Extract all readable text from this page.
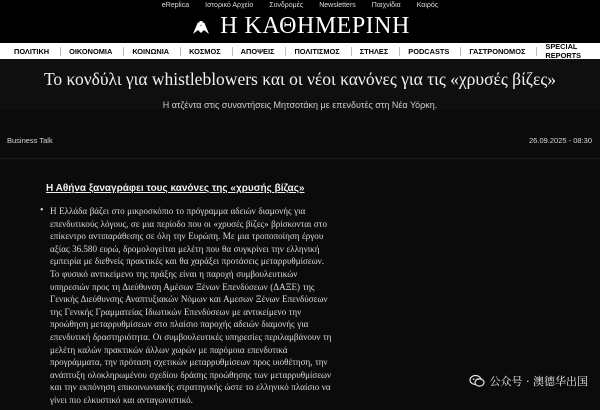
eReplica Ιστορικό Αρχείο Συνδρομές Newsletters Παιχνίδια Καιρός
Η ΚΑΘΗΜΕΡΙΝΗ
ΠΟΛΙΤΙΚΗ	ΟΙΚΟΝΟΜΙΑ	ΚΟΙΝΩΝΙΑ	ΚΟΣΜΟΣ	ΑΠΟΨΕΙΣ	ΠΟΛΙΤΙΣΜΟΣ	ΣΤΗΛΕΣ	PODCASTS	ΓΑΣΤΡΟΝΟΜΟΣ	SPECIAL REPORTS
Το κονδύλι για whistleblowers και οι νέοι κανόνες για τις «χρυσές βίζες»
Η ατζέντα στις συναντήσεις Μητσοτάκη με επενδυτές στη Νέα Υόρκη.
Business Talk	26.09.2025 - 08:30
Η Αθήνα ξαναγράφει τους κανόνες της «χρυσής βίζας»
• Η Ελλάδα βάζει στο μικροσκόπιο το πρόγραμμα αδειών διαμονής για
επενδυτικούς λόγους, σε μια περίοδο που οι «χρυσές βίζες» βρίσκονται στο
επίκεντρο αντιπαράθεσης σε όλη την Ευρώπη. Με μια τροποποίηση έργου
αξίας 36.580 ευρώ, δρομολογείται μελέτη που θα συγκρίνει την ελληνική
εμπειρία με διεθνείς πρακτικές και θα χαράξει προτάσεις μεταρρυθμίσεων.
Το φυσικό αντικείμενο της πράξης είναι η παροχή συμβουλευτικών
υπηρεσιών προς τη Διεύθυνση Αμέσων Ξένων Επενδύσεων (ΔΑΞΕ) της
Γενικής Διεύθυνσης Αναπτυξιακών Νόμων και Αμεσων Ξένων Επενδύσεων
της Γενικής Γραμματείας Ιδιωτικών Επενδύσεων με αντικείμενο την
προώθηση μεταρρυθμίσεων στο πλαίσιο παροχής αδειών διαμονής για
επενδυτική δραστηριότητα. Οι συμβουλευτικές υπηρεσίες περιλαμβάνουν τη
μελέτη καλών πρακτικών άλλων χωρών με παρόμοια επενδυτικά
προγράμματα, την πρόταση σχετικών μεταρρυθμίσεων προς υιοθέτηση, την
ανάπτυξη ολοκληρωμένου σχεδίου δράσης προώθησης των μεταρρυθμίσεων
και την εκπόνηση επικοινωνιακής στρατηγικής ώστε το ελληνικό πλαίσιο να
γίνει πιο ελκυστικό και ανταγωνιστικό.
公众号 · 澳德华出国
